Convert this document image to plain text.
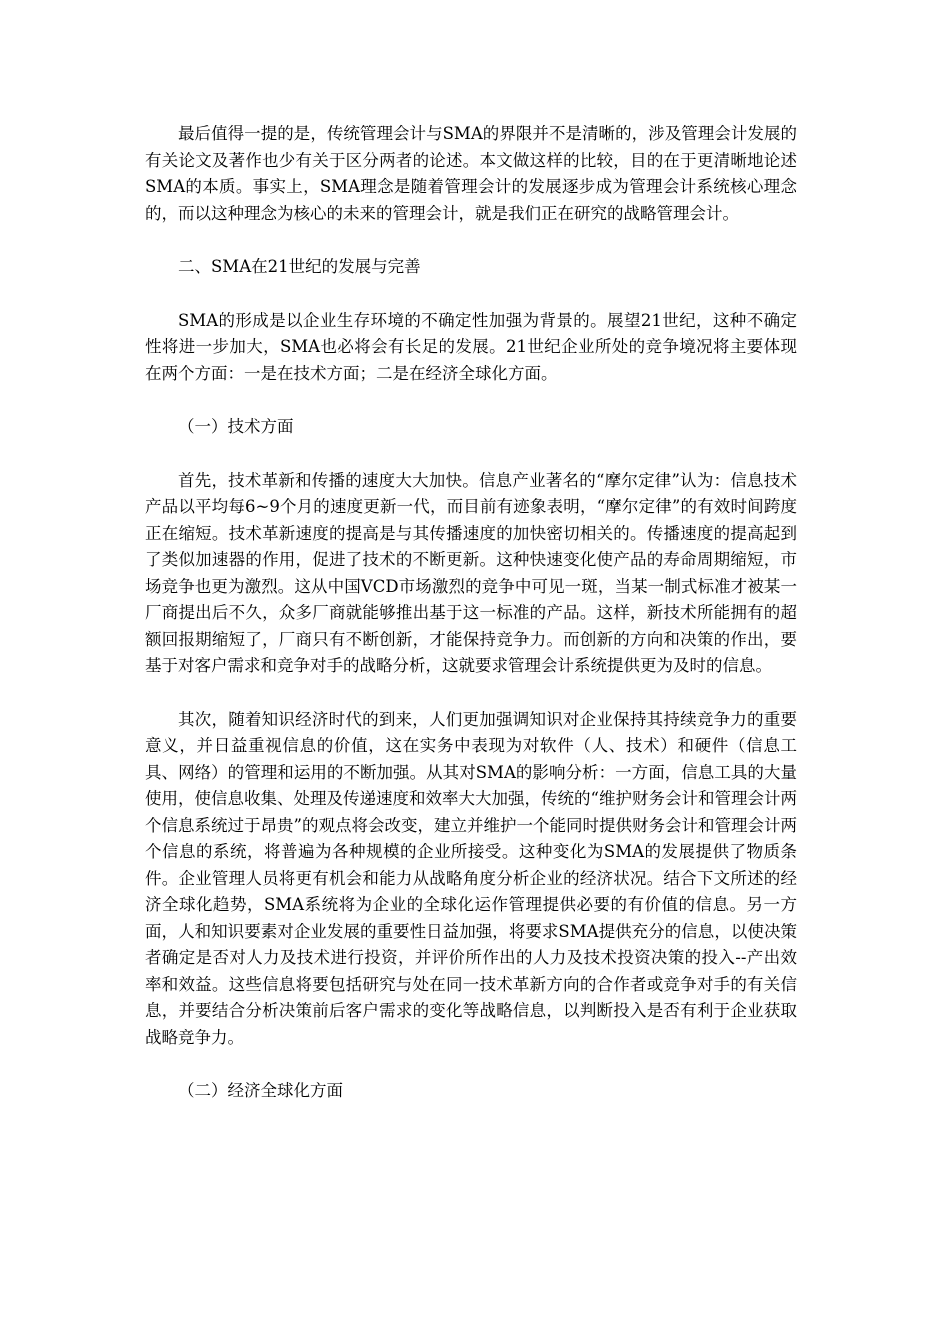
最后值得一提的是，传统管理会计与SMA的界限并不是清晰的，涉及管理会计发展的有关论文及著作也少有关于区分两者的论述。本文做这样的比较，目的在于更清晰地论述SMA的本质。事实上，SMA理念是随着管理会计的发展逐步成为管理会计系统核心理念的，而以这种理念为核心的未来的管理会计，就是我们正在研究的战略管理会计。

二、SMA在21世纪的发展与完善

SMA的形成是以企业生存环境的不确定性加强为背景的。展望21世纪，这种不确定性将进一步加大，SMA也必将会有长足的发展。21世纪企业所处的竞争境况将主要体现在两个方面：一是在技术方面；二是在经济全球化方面。

（一）技术方面

首先，技术革新和传播的速度大大加快。信息产业著名的“摩尔定律”认为：信息技术产品以平均每6~9个月的速度更新一代，而目前有迹象表明，“摩尔定律”的有效时间跨度正在缩短。技术革新速度的提高是与其传播速度的加快密切相关的。传播速度的提高起到了类似加速器的作用，促进了技术的不断更新。这种快速变化使产品的寿命周期缩短，市场竞争也更为激烈。这从中国VCD市场激烈的竞争中可见一斑，当某一制式标准才被某一厂商提出后不久，众多厂商就能够推出基于这一标准的产品。这样，新技术所能拥有的超额回报期缩短了，厂商只有不断创新，才能保持竞争力。而创新的方向和决策的作出，要基于对客户需求和竞争对手的战略分析，这就要求管理会计系统提供更为及时的信息。

其次，随着知识经济时代的到来，人们更加强调知识对企业保持其持续竞争力的重要意义，并日益重视信息的价值，这在实务中表现为对软件（人、技术）和硬件（信息工具、网络）的管理和运用的不断加强。从其对SMA的影响分析：一方面，信息工具的大量使用，使信息收集、处理及传递速度和效率大大加强，传统的“维护财务会计和管理会计两个信息系统过于昂贵”的观点将会改变，建立并维护一个能同时提供财务会计和管理会计两个信息的系统，将普遍为各种规模的企业所接受。这种变化为SMA的发展提供了物质条件。企业管理人员将更有机会和能力从战略角度分析企业的经济状况。结合下文所述的经济全球化趋势，SMA系统将为企业的全球化运作管理提供必要的有价值的信息。另一方面，人和知识要素对企业发展的重要性日益加强，将要求SMA提供充分的信息，以使决策者确定是否对人力及技术进行投资，并评价所作出的人力及技术投资决策的投入--产出效率和效益。这些信息将要包括研究与处在同一技术革新方向的合作者或竞争对手的有关信息，并要结合分析决策前后客户需求的变化等战略信息，以判断投入是否有利于企业获取战略竞争力。

（二）经济全球化方面
